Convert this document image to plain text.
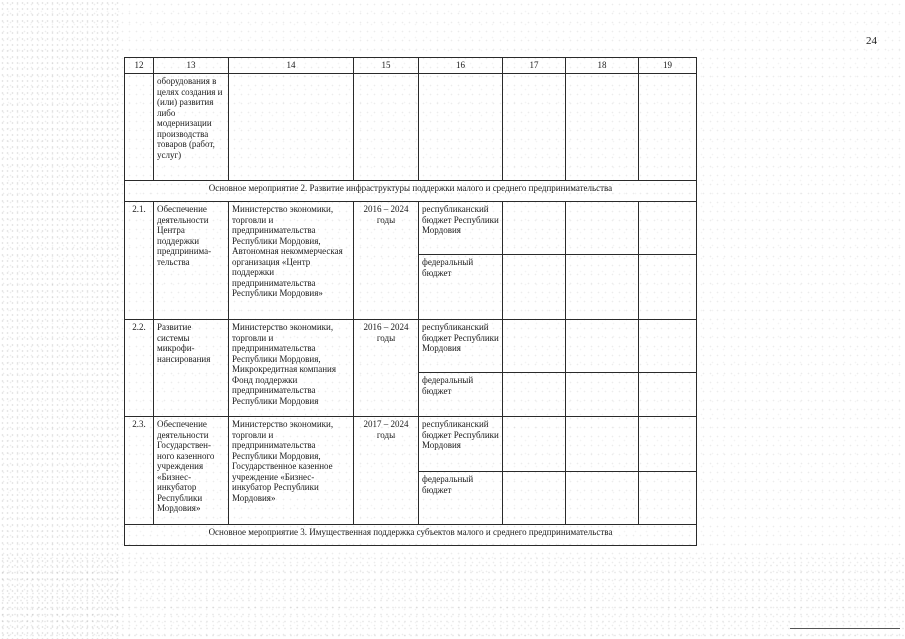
24
12	13	14	15	16	17	18	19
	оборудования в целях создания и (или) развития либо модернизации производства товаров (работ, услуг)						
Основное мероприятие 2. Развитие инфраструктуры поддержки малого и среднего предпринимательства							
2.1.	Обеспечение деятельности Центра поддержки предпринима-тельства	Министерство экономики, торговли и предпринимательства Республики Мордовия, Автономная некоммерческая организация «Центр поддержки предпринимательства Республики Мордовия»	2016 – 2024 годы	республиканский бюджет Республики Мордовия			
				федеральный бюджет			
2.2.	Развитие системы микрофи-нансирования	Министерство экономики, торговли и предпринимательства Республики Мордовия, Микрокредитная компания Фонд поддержки предпринимательства Республики Мордовия	2016 – 2024 годы	республиканский бюджет Республики Мордовия			
				федеральный бюджет			
2.3.	Обеспечение деятельности Государствен-ного казенного учреждения «Бизнес-инкубатор Республики Мордовия»	Министерство экономики, торговли и предпринимательства Республики Мордовия, Государственное казенное учреждение «Бизнес-инкубатор Республики Мордовия»	2017 – 2024 годы	республиканский бюджет Республики Мордовия			
				федеральный бюджет			
Основное мероприятие 3. Имущественная поддержка субъектов малого и среднего предпринимательства							
